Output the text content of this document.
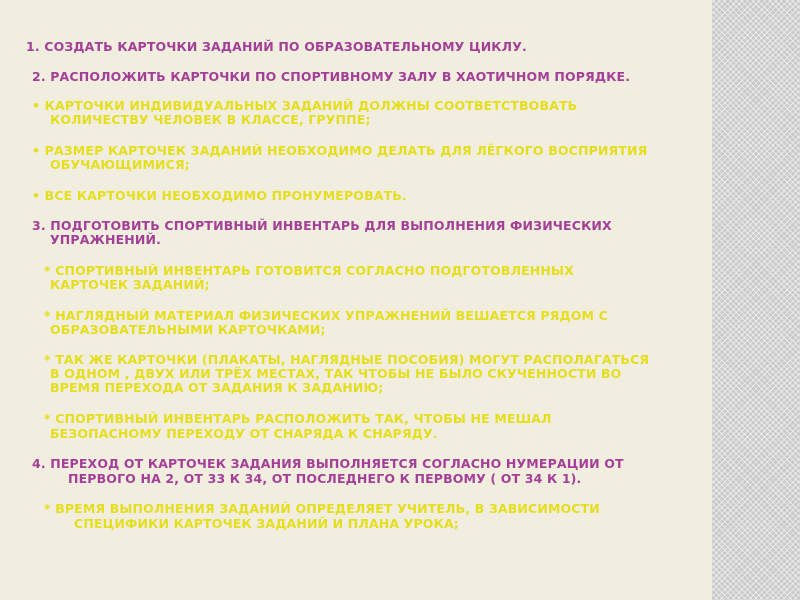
1. СОЗДАТЬ КАРТОЧКИ ЗАДАНИЙ ПО ОБРАЗОВАТЕЛЬНОМУ ЦИКЛУ.

2. РАСПОЛОЖИТЬ КАРТОЧКИ ПО СПОРТИВНОМУ ЗАЛУ В ХАОТИЧНОМ ПОРЯДКЕ.

• КАРТОЧКИ ИНДИВИДУАЛЬНЫХ ЗАДАНИЙ ДОЛЖНЫ СООТВЕТСТВОВАТЬ

КОЛИЧЕСТВУ ЧЕЛОВЕК В КЛАССЕ, ГРУППЕ;

• РАЗМЕР КАРТОЧЕК ЗАДАНИЙ НЕОБХОДИМО ДЕЛАТЬ ДЛЯ ЛЁГКОГО ВОСПРИЯТИЯ

ОБУЧАЮЩИМИСЯ;

• ВСЕ КАРТОЧКИ НЕОБХОДИМО ПРОНУМЕРОВАТЬ.

3. ПОДГОТОВИТЬ СПОРТИВНЫЙ ИНВЕНТАРЬ ДЛЯ ВЫПОЛНЕНИЯ ФИЗИЧЕСКИХ

УПРАЖНЕНИЙ.

* СПОРТИВНЫЙ ИНВЕНТАРЬ ГОТОВИТСЯ СОГЛАСНО ПОДГОТОВЛЕННЫХ

КАРТОЧЕК ЗАДАНИЙ;

* НАГЛЯДНЫЙ МАТЕРИАЛ ФИЗИЧЕСКИХ УПРАЖНЕНИЙ ВЕШАЕТСЯ РЯДОМ С

ОБРАЗОВАТЕЛЬНЫМИ КАРТОЧКАМИ;

* ТАК ЖЕ КАРТОЧКИ (ПЛАКАТЫ, НАГЛЯДНЫЕ ПОСОБИЯ) МОГУТ РАСПОЛАГАТЬСЯ

В ОДНОМ , ДВУХ ИЛИ ТРЁХ МЕСТАХ, ТАК ЧТОБЫ НЕ БЫЛО СКУЧЕННОСТИ ВО

ВРЕМЯ ПЕРЕХОДА ОТ ЗАДАНИЯ К ЗАДАНИЮ;

* СПОРТИВНЫЙ ИНВЕНТАРЬ РАСПОЛОЖИТЬ ТАК, ЧТОБЫ НЕ МЕШАЛ

БЕЗОПАСНОМУ ПЕРЕХОДУ ОТ СНАРЯДА К СНАРЯДУ.

4. ПЕРЕХОД ОТ КАРТОЧЕК ЗАДАНИЯ ВЫПОЛНЯЕТСЯ СОГЛАСНО НУМЕРАЦИИ ОТ

ПЕРВОГО НА 2, ОТ 33 К 34, ОТ ПОСЛЕДНЕГО К ПЕРВОМУ ( ОТ 34 К 1).

* ВРЕМЯ ВЫПОЛНЕНИЯ ЗАДАНИЙ ОПРЕДЕЛЯЕТ УЧИТЕЛЬ, В ЗАВИСИМОСТИ

СПЕЦИФИКИ КАРТОЧЕК ЗАДАНИЙ И ПЛАНА УРОКА;
